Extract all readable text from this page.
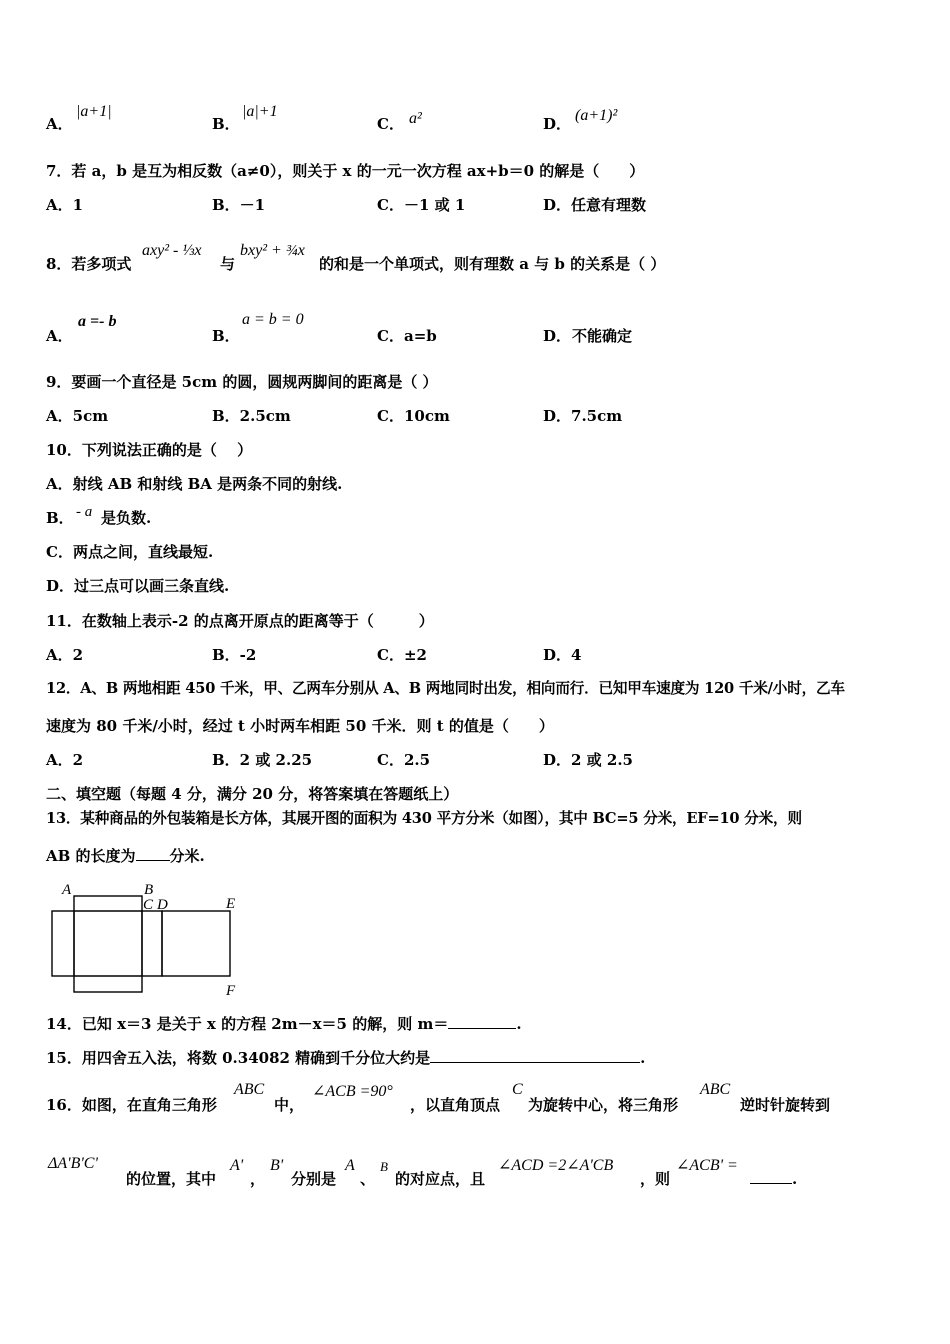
A．
|a+1|
B．
|a|+1
C． a²	D． (a+1)²
7．若 a，b 是互为相反数（a≠0），则关于 x 的一元一次方程 ax+b＝0 的解是（　　）
A．1	B．－1	C．－1 或 1	D．任意有理数
8．若多项式
axy² - ⅓x
与
bxy² + ¾x
的和是一个单项式，则有理数 a 与 b 的关系是（ ）
A．
a =- b
B．
a = b = 0
C． a=b	D． 不能确定
9．要画一个直径是 5cm 的圆，圆规两脚间的距离是（ ）
A．5cm	B．2.5cm	C．10cm	D．7.5cm
10．下列说法正确的是（　 ）
A．射线 AB 和射线 BA 是两条不同的射线.
B． - a 是负数.
C．两点之间，直线最短.
D．过三点可以画三条直线.
11．在数轴上表示-2 的点离开原点的距离等于（　　　）
A．2	B．-2	C．±2	D．4
12．A、B 两地相距 450 千米，甲、乙两车分别从 A、B 两地同时出发，相向而行．已知甲车速度为 120 千米/小时，乙车
速度为 80 千米/小时，经过 t 小时两车相距 50 千米．则 t 的值是（　　）
A．2	B．2 或 2.25	C．2.5	D．2 或 2.5
二、填空题（每题 4 分，满分 20 分，将答案填在答题纸上）
13．某种商品的外包装箱是长方体，其展开图的面积为 430 平方分米（如图），其中 BC=5 分米，EF=10 分米，则
AB 的长度为 分米.
A	B
C D	E
F
14．已知 x＝3 是关于 x 的方程 2m－x＝5 的解，则 m＝	.
15．用四舍五入法，将数 0.34082 精确到千分位大约是	.
16．如图，在直角三角形
ABC
中，
∠ACB =90°
，以直角顶点
C
为旋转中心，将三角形
ABC
逆时针旋转到
ΔA'B'C'
的位置，其中
A'
，
B'
分别是
A
、
B
的对应点，且
∠ACD =2∠A'CB
，则
∠ACB' =
.
